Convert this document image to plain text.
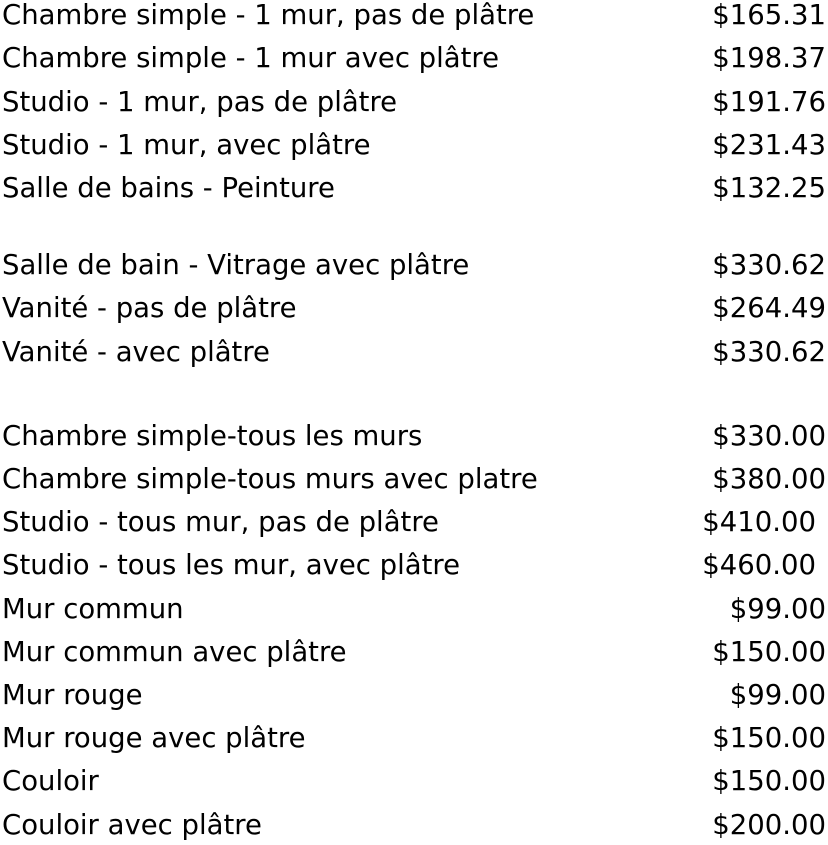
Chambre simple - 1 mur, pas de plâtre	$165.31
Chambre simple - 1 mur avec plâtre	$198.37
Studio - 1 mur, pas de plâtre	$191.76
Studio - 1 mur, avec plâtre	$231.43
Salle de bains - Peinture	$132.25
Salle de bain - Vitrage avec plâtre	$330.62
Vanité - pas de plâtre	$264.49
Vanité - avec plâtre	$330.62
Chambre simple-tous les murs	$330.00
Chambre simple-tous murs avec platre	$380.00
Studio - tous mur, pas de plâtre	$410.00
Studio - tous les mur, avec plâtre	$460.00
Mur commun	$99.00
Mur commun avec plâtre	$150.00
Mur rouge	$99.00
Mur rouge avec plâtre	$150.00
Couloir	$150.00
Couloir avec plâtre	$200.00
